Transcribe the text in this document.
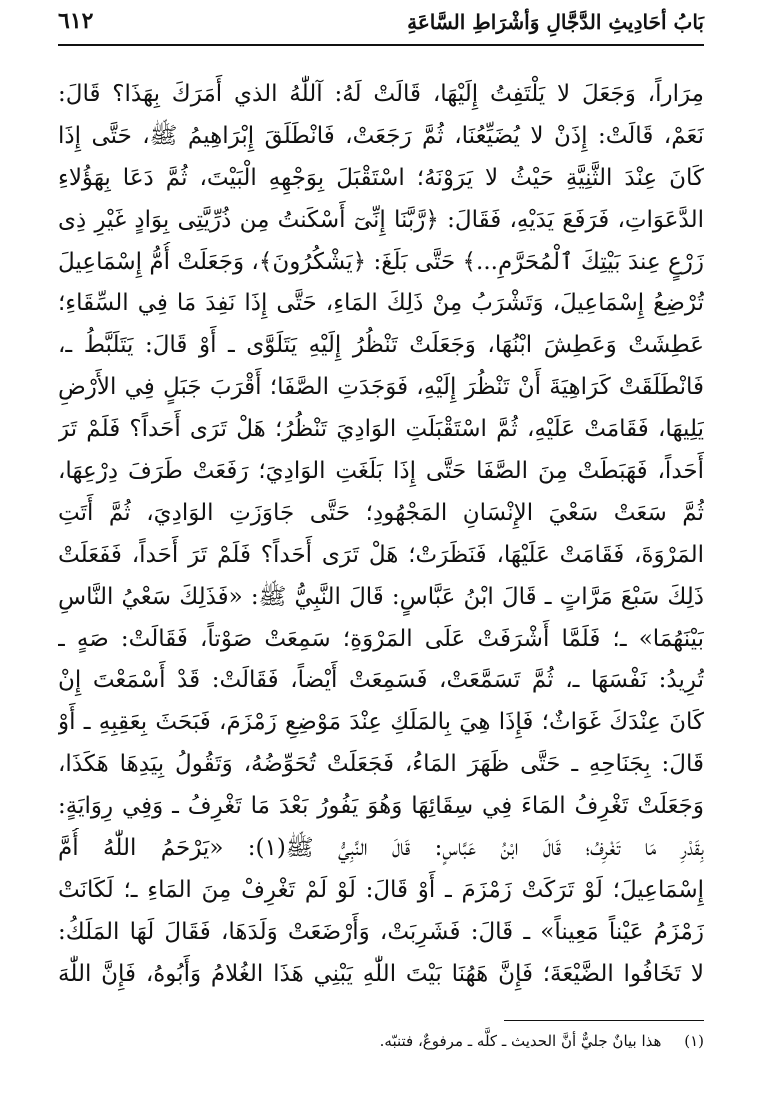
بَابُ أحَادِيثِ الدَّجَّالِ وَأشْرَاطِ السَّاعَةِ
٦١٢
مِرَاراً، وَجَعَلَ لا يَلْتَفِتُ إِلَيْهَا، قَالَتْ لَهُ: آللّٰهُ الذي أَمَرَكَ بِهَذَا؟ قَالَ:
نَعَمْ، قَالَتْ: إِذَنْ لا يُضَيِّعُنَا، ثُمَّ رَجَعَتْ، فَانْطَلَقَ إِبْرَاهِيمُ ﷺ، حَتَّى إِذَا
كَانَ عِنْدَ الثَّنِيَّةِ حَيْثُ لا يَرَوْنَهُ؛ اسْتَقْبَلَ بِوَجْهِهِ الْبَيْتَ، ثُمَّ دَعَا بِهَؤُلاءِ
الدَّعَوَاتِ، فَرَفَعَ يَدَيْهِ، فَقَالَ: ﴿رَّبَّنَا إِنِّىٓ أَسْكَنتُ مِن ذُرِّيَّتِى بِوَادٍ غَيْرِ ذِى
زَرْعٍ عِندَ بَيْتِكَ ٱلْمُحَرَّمِ...﴾ حَتَّى بَلَغَ: ﴿يَشْكُرُونَ﴾، وَجَعَلَتْ أُمُّ إِسْمَاعِيلَ
تُرْضِعُ إِسْمَاعِيلَ، وَتَشْرَبُ مِنْ ذَلِكَ المَاءِ، حَتَّى إِذَا نَفِدَ مَا فِي السِّقَاءِ؛
عَطِشَتْ وَعَطِشَ ابْنُهَا، وَجَعَلَتْ تَنْظُرُ إِلَيْهِ يَتَلَوَّى ـ أَوْ قَالَ: يَتَلَبَّطُ ـ،
فَانْطَلَقَتْ كَرَاهِيَةَ أَنْ تَنْظُرَ إِلَيْهِ، فَوَجَدَتِ الصَّفَا؛ أَقْرَبَ جَبَلٍ فِي الأَرْضِ
يَلِيهَا، فَقَامَتْ عَلَيْهِ، ثُمَّ اسْتَقْبَلَتِ الوَادِيَ تَنْظُرُ؛ هَلْ تَرَى أَحَداً؟ فَلَمْ تَرَ
أَحَداً، فَهَبَطَتْ مِنَ الصَّفَا حَتَّى إِذَا بَلَغَتِ الوَادِيَ؛ رَفَعَتْ طَرَفَ دِرْعِهَا،
ثُمَّ سَعَتْ سَعْيَ الإِنْسَانِ المَجْهُودِ؛ حَتَّى جَاوَزَتِ الوَادِيَ، ثُمَّ أَتَتِ
المَرْوَةَ، فَقَامَتْ عَلَيْهَا، فَنَظَرَتْ؛ هَلْ تَرَى أَحَداً؟ فَلَمْ تَرَ أَحَداً، فَفَعَلَتْ
ذَلِكَ سَبْعَ مَرَّاتٍ ـ قَالَ ابْنُ عَبَّاسٍ: قَالَ النَّبِيُّ ﷺ: «فَذَلِكَ سَعْيُ النَّاسِ
بَيْنَهُمَا» ـ؛ فَلَمَّا أَشْرَفَتْ عَلَى المَرْوَةِ؛ سَمِعَتْ صَوْتاً، فَقَالَتْ: صَهٍ ـ
تُرِيدُ: نَفْسَهَا ـ، ثُمَّ تَسَمَّعَتْ، فَسَمِعَتْ أَيْضاً، فَقَالَتْ: قَدْ أَسْمَعْتَ إِنْ
كَانَ عِنْدَكَ غَوَاثٌ؛ فَإِذَا هِيَ بِالمَلَكِ عِنْدَ مَوْضِعِ زَمْزَمَ، فَبَحَثَ بِعَقِبِهِ ـ أَوْ
قَالَ: بِجَنَاحِهِ ـ حَتَّى ظَهَرَ المَاءُ، فَجَعَلَتْ تُحَوِّضُهُ، وَتَقُولُ بِيَدِهَا هَكَذَا،
وَجَعَلَتْ تَغْرِفُ المَاءَ فِي سِقَائِهَا وَهُوَ يَفُورُ بَعْدَ مَا تَغْرِفُ ـ وَفِي رِوَايَةٍ:
بِقَدْرِ مَا تَغْرِفُ؛ قَالَ ابْنُ عَبَّاسٍ: قَالَ النَّبِيُّ ﷺ(١): «يَرْحَمُ اللّٰهُ أُمَّ
إِسْمَاعِيلَ؛ لَوْ تَرَكَتْ زَمْزَمَ ـ أَوْ قَالَ: لَوْ لَمْ تَغْرِفْ مِنَ المَاءِ ـ؛ لَكَانَتْ
زَمْزَمُ عَيْناً مَعِيناً» ـ قَالَ: فَشَرِبَتْ، وَأَرْضَعَتْ وَلَدَهَا، فَقَالَ لَهَا المَلَكُ:
لا تَخَافُوا الضَّيْعَةَ؛ فَإِنَّ هَهُنَا بَيْتَ اللّٰهِ يَبْنِي هَذَا الغُلامُ وَأَبُوهُ، فَإِنَّ اللّٰهَ
(١) هذا بيانٌ جليٌّ أنَّ الحديث ـ كلَّه ـ مرفوعٌ، فتنبّه.
